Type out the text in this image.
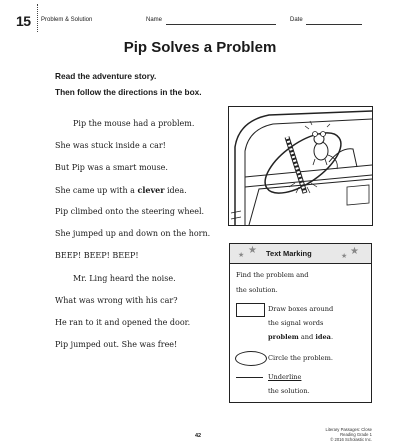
15 Problem & Solution	Name	Date
Pip Solves a Problem
Read the adventure story.
Then follow the directions in the box.
Pip the mouse had a problem.
She was stuck inside a car!
But Pip was a smart mouse.
She came up with a clever idea.
Pip climbed onto the steering wheel.
She jumped up and down on the horn.
BEEP! BEEP! BEEP!
Mr. Ling heard the noise.
What was wrong with his car?
He ran to it and opened the door.
Pip jumped out. She was free!
★
★	Text Marking	★
★
Find the problem and
the solution.
Draw boxes around
the signal words
problem and idea.
Circle the problem.
Underline
the solution.
42
Literary Passages: Close Reading Grade 1
© 2016 Scholastic Inc.
